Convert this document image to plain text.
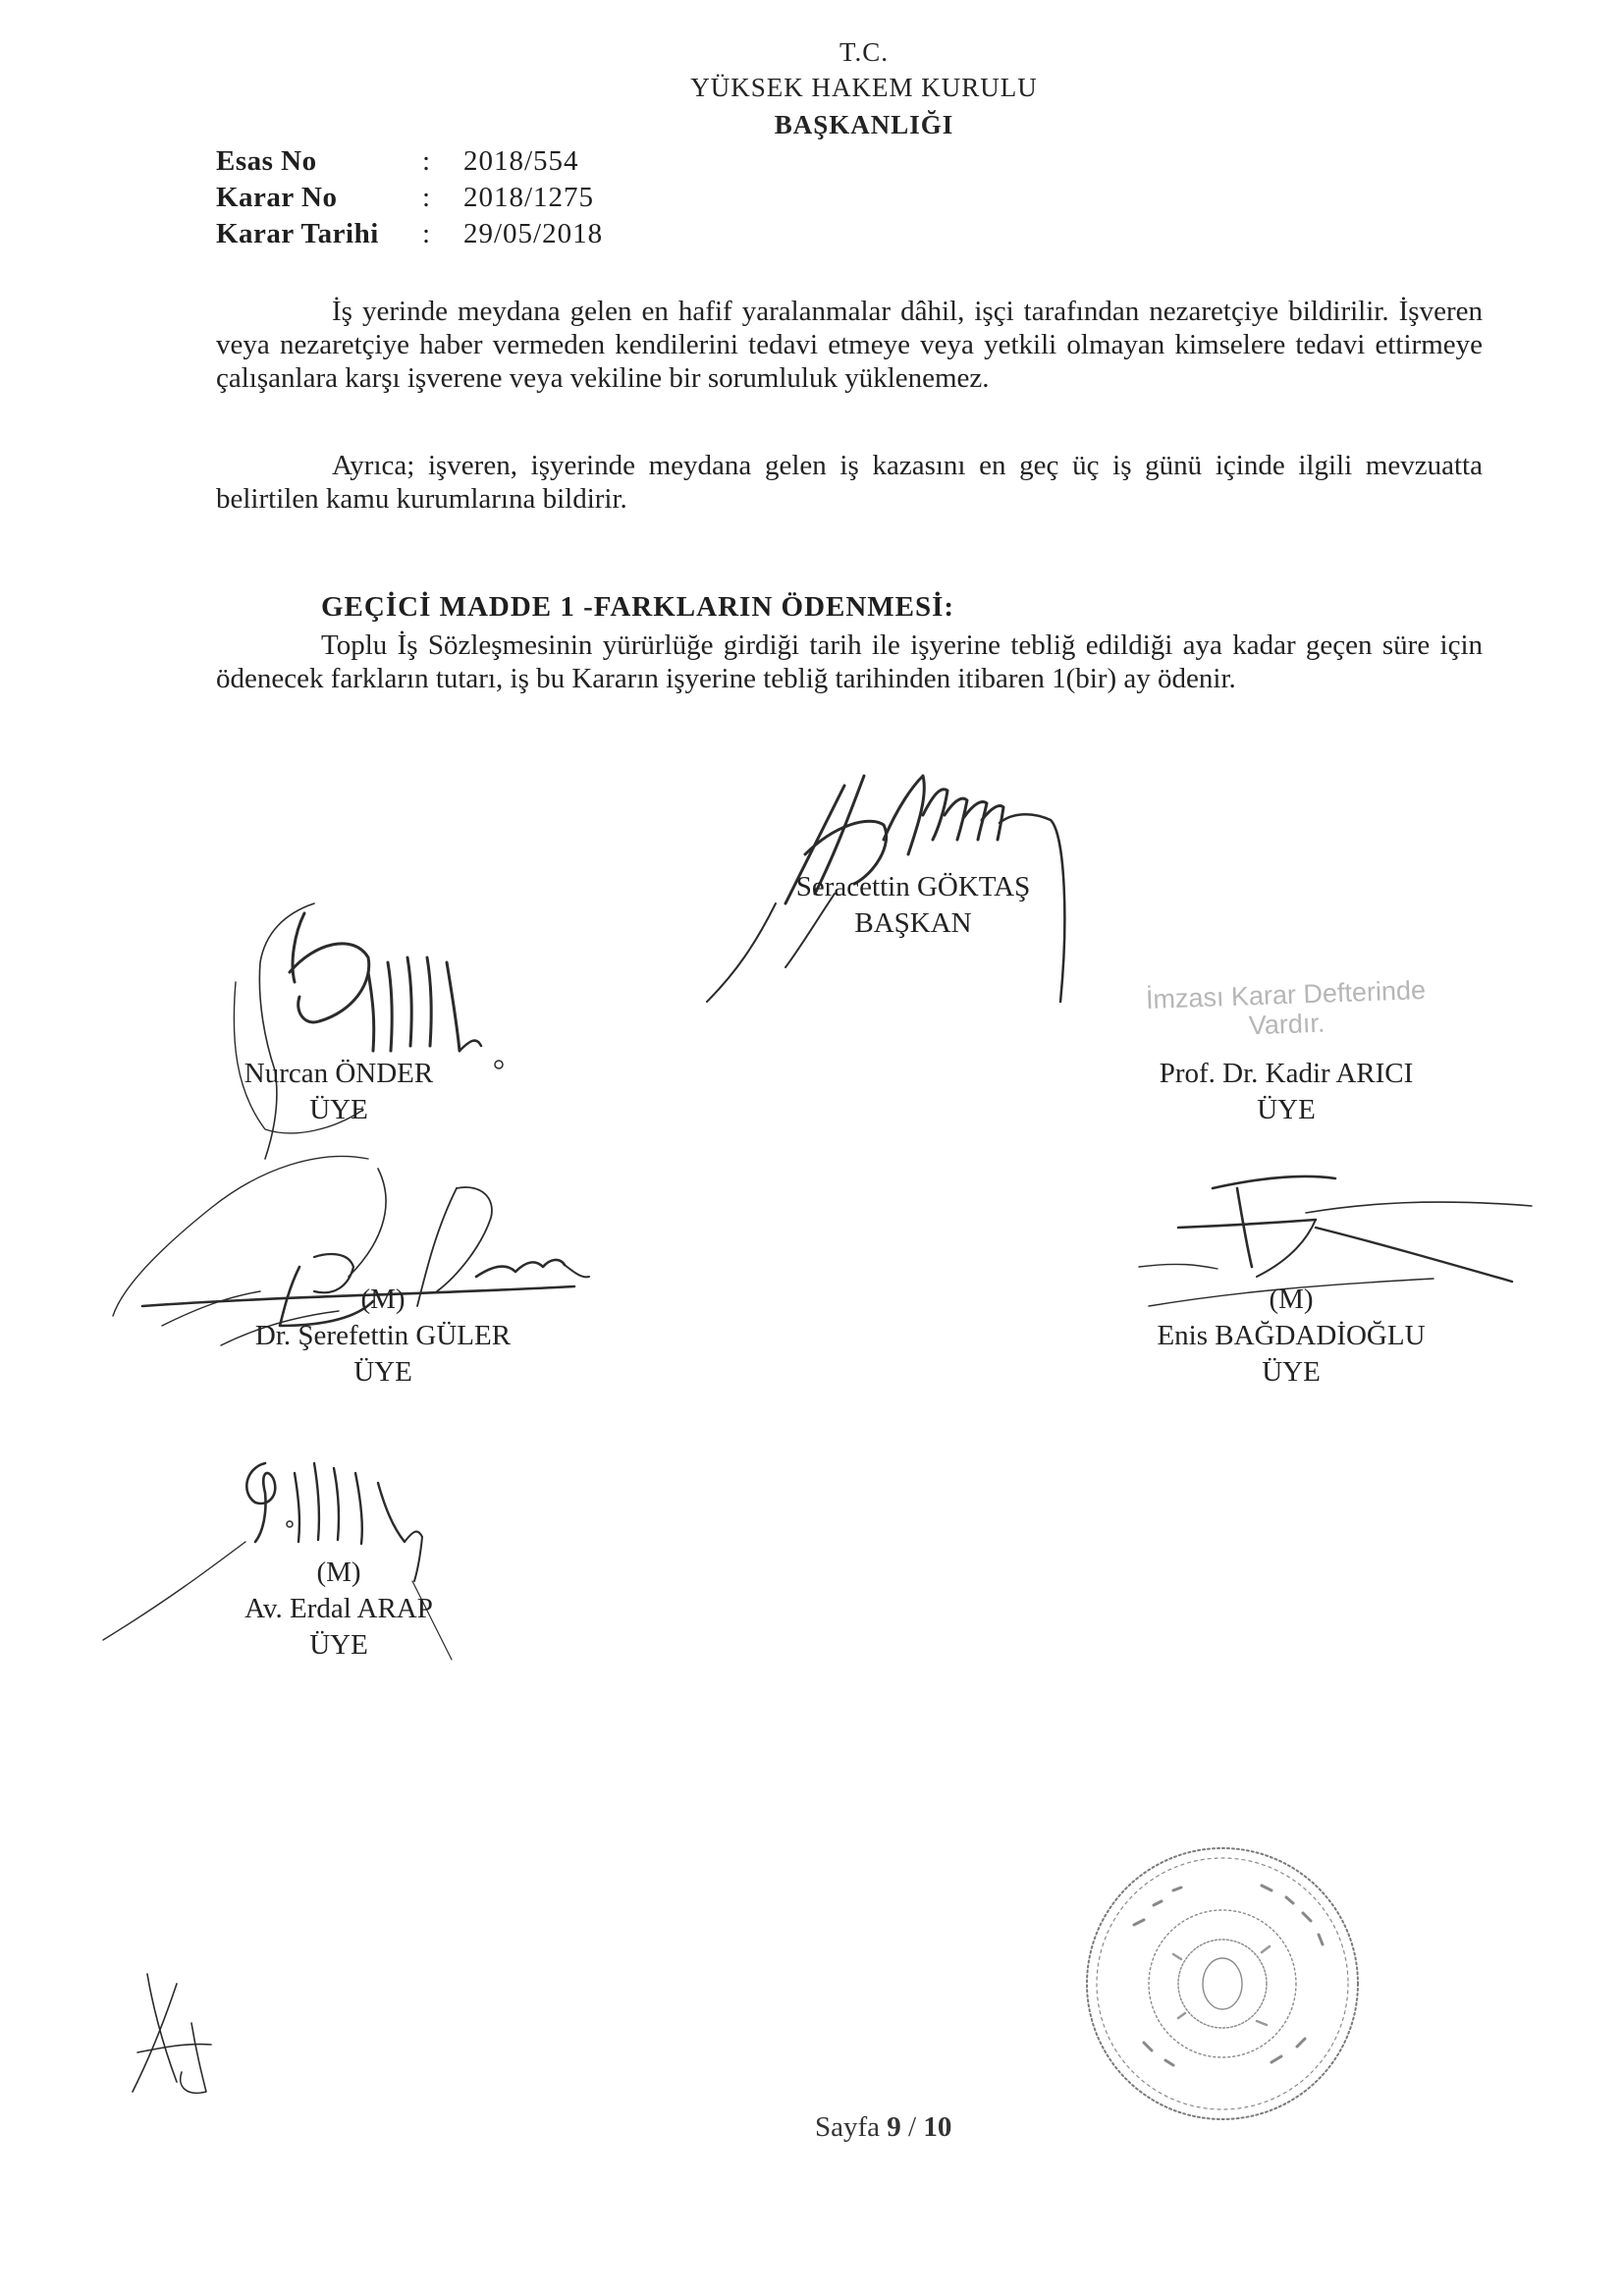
T.C.
YÜKSEK HAKEM KURULU
BAŞKANLIĞI
Esas No	:	2018/554
Karar No	:	2018/1275
Karar Tarihi	:	29/05/2018
İş yerinde meydana gelen en hafif yaralanmalar dâhil, işçi tarafından nezaretçiye bildirilir. İşveren veya nezaretçiye haber vermeden kendilerini tedavi etmeye veya yetkili olmayan kimselere tedavi ettirmeye çalışanlara karşı işverene veya vekiline bir sorumluluk yüklenemez.
Ayrıca; işveren, işyerinde meydana gelen iş kazasını en geç üç iş günü içinde ilgili mevzuatta belirtilen kamu kurumlarına bildirir.
GEÇİCİ MADDE 1 -FARKLARIN ÖDENMESİ:
Toplu İş Sözleşmesinin yürürlüğe girdiği tarih ile işyerine tebliğ edildiği aya kadar geçen süre için ödenecek farkların tutarı, iş bu Kararın işyerine tebliğ tarihinden itibaren 1(bir) ay ödenir.
Seracettin GÖKTAŞ
BAŞKAN
Nurcan ÖNDER
ÜYE
İmzası Karar Defterinde
Vardır.
Prof. Dr. Kadir ARICI
ÜYE
(M)
Dr. Şerefettin GÜLER
ÜYE
(M)
Enis BAĞDADİOĞLU
ÜYE
(M)
Av. Erdal ARAP
ÜYE
Sayfa 9 / 10
